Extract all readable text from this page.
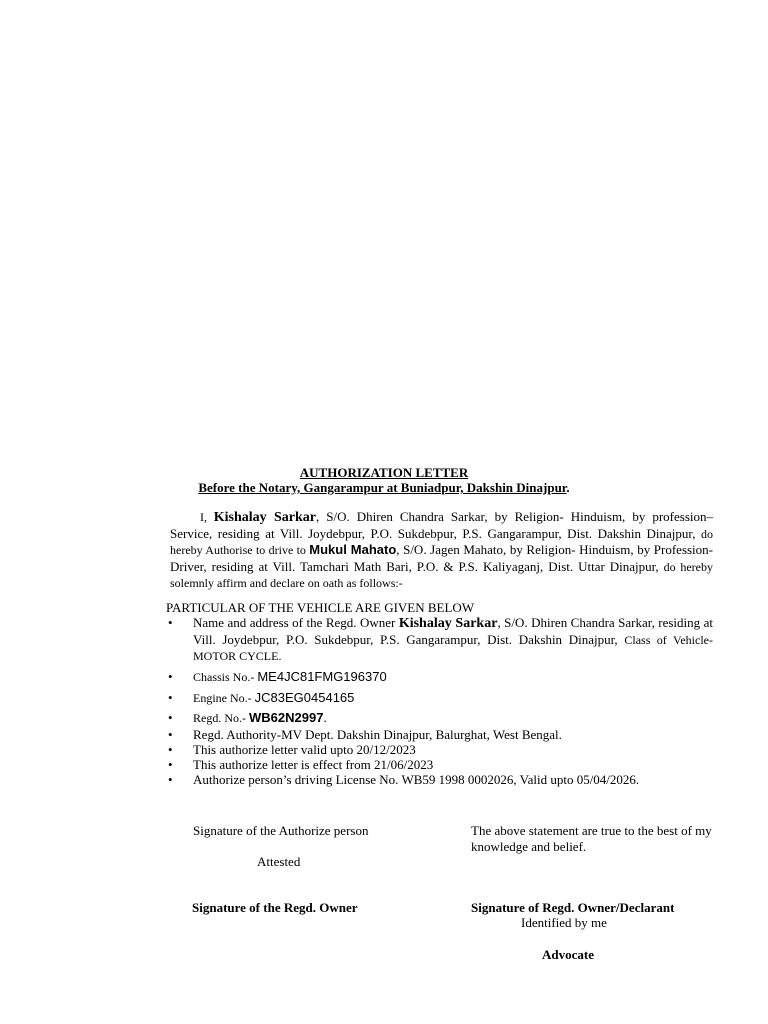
AUTHORIZATION LETTER
Before the Notary, Gangarampur at Buniadpur, Dakshin Dinajpur.
I, Kishalay Sarkar, S/O. Dhiren Chandra Sarkar, by Religion- Hinduism, by profession– Service, residing at Vill. Joydebpur, P.O. Sukdebpur, P.S. Gangarampur, Dist. Dakshin Dinajpur, do hereby Authorise to drive to Mukul Mahato, S/O. Jagen Mahato, by Religion- Hinduism, by Profession- Driver, residing at Vill. Tamchari Math Bari, P.O. & P.S. Kaliyaganj, Dist. Uttar Dinajpur, do hereby solemnly affirm and declare on oath as follows:-
PARTICULAR OF THE VEHICLE ARE GIVEN BELOW
• Name and address of the Regd. Owner Kishalay Sarkar, S/O. Dhiren Chandra Sarkar, residing at Vill. Joydebpur, P.O. Sukdebpur, P.S. Gangarampur, Dist. Dakshin Dinajpur, Class of Vehicle- MOTOR CYCLE.
• Chassis No.- ME4JC81FMG196370
• Engine No.- JC83EG0454165
• Regd. No.- WB62N2997.
• Regd. Authority-MV Dept. Dakshin Dinajpur, Balurghat, West Bengal.
• This authorize letter valid upto 20/12/2023
• This authorize letter is effect from 21/06/2023
• Authorize person’s driving License No. WB59 1998 0002026, Valid upto 05/04/2026.
Signature of the Authorize person	The above statement are true to the best of my knowledge and belief.
Attested
Signature of the Regd. Owner	Signature of Regd. Owner/Declarant
Identified by me
Advocate
